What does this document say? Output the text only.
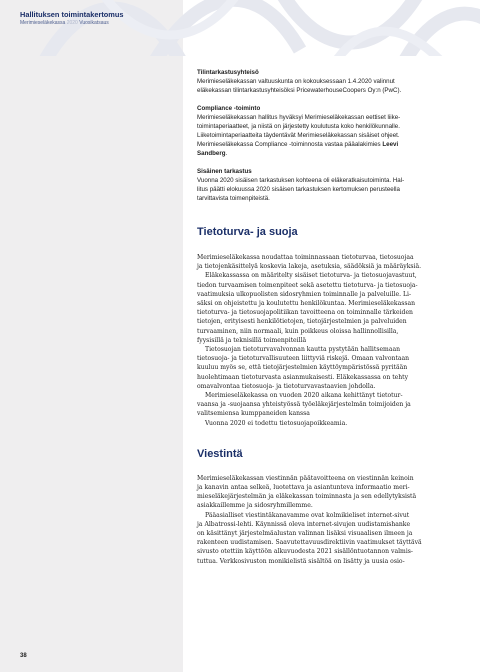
Hallituksen toimintakertomus
Merimieseläkekassa 2020 Vuosikatsaus

Tilintarkastusyhteisö

Merimieseläkekassan valtuuskunta on kokouksessaan 1.4.2020 valinnut
eläkekassan tilintarkastusyhteisöksi PricewaterhouseCoopers Oy:n (PwC).

Compliance -toiminto

Merimieseläkekassan hallitus hyväksyi Merimieseläkekassan eettiset liike-
toimintaperiaatteet, ja niistä on järjestetty koulutusta koko henkilökunnalle.
Liiketoimintaperiaatteita täydentävät Merimieseläkekassan sisäiset ohjeet.
Merimieseläkekassa Compliance -toiminnosta vastaa pääalakimies Leevi
Sandberg.

Sisäinen tarkastus

Vuonna 2020 sisäisen tarkastuksen kohteena oli eläkeratkaisutoiminta. Hal-
litus päätti elokuussa 2020 sisäisen tarkastuksen kertomuksen perusteella
tarvittavista toimenpiteistä.

Tietoturva- ja suoja

Merimieseläkekassa noudattaa toiminnassaan tietoturvaa, tietosuojaa
ja tietojenkäsittelyä koskevia lakeja, asetuksia, säädöksiä ja määräyksiä.

Eläkekassassa on määritelty sisäiset tietoturva- ja tietosuojavastuut,
tiedon turvaamisen toimenpiteet sekä asetettu tietoturva- ja tietosuoja-
vaatimuksia ulkopuolisten sidosryhmien toiminnalle ja palveluille. Li-
säksi on ohjeistettu ja koulutettu henkilökuntaa. Merimieseläkekassan
tietoturva- ja tietosuojapolitiikan tavoitteena on toiminnalle tärkeiden
tietojen, erityisesti henkilötietojen, tietojärjestelmien ja palveluiden
turvaaminen, niin normaali, kuin poikkeus oloissa hallinnollisilla,
fyysisillä ja teknisillä toimenpiteillä

Tietosuojan tietoturvavalvonnan kautta pystytään hallitsemaan
tietosuoja- ja tietoturvallisuuteen liittyviä riskejä. Omaan valvontaan
kuuluu myös se, että tietojärjestelmien käyttöympäristössä pyritään
huolehtimaan tietoturvasta asianmukaisesti. Eläkekassassa on tehty
omavalvontaa tietosuoja- ja tietoturvavastaavien johdolla.

Merimieseläkekassa on vuoden 2020 aikana kehittänyt tietotur-
vaansa ja -suojaansa yhteistyössä työeläkejärjestelmän toimijoiden ja
valitsemiensa kumppaneiden kanssa

Vuonna 2020 ei todettu tietosuojapoikkeamia.

Viestintä

Merimieseläkekassan viestinnän päätavoitteena on viestinnän keinoin
ja kanavin antaa selkeä, luotettava ja asiantunteva informaatio meri-
mieseläkejärjestelmän ja eläkekassan toiminnasta ja sen edellytyksistä
asiakkaillemme ja sidosryhmillemme.

Pääasialliset viestintäkanavamme ovat kolmikieliset internet-sivut
ja Albatrossi-lehti. Käynnissä oleva internet-sivujen uudistamishanke
on käsittänyt järjestelmäalustan valinnan lisäksi visuaalisen ilmeen ja
rakenteen uudistamisen. Saavutettavuusdirektiivin vaatimukset täyttävä
sivusto otettiin käyttöön alkuvuodesta 2021 sisällöntuotannon valmis-
tuttua. Verkkosivuston monikielistä sisältöä on lisätty ja uusia osio-

38
